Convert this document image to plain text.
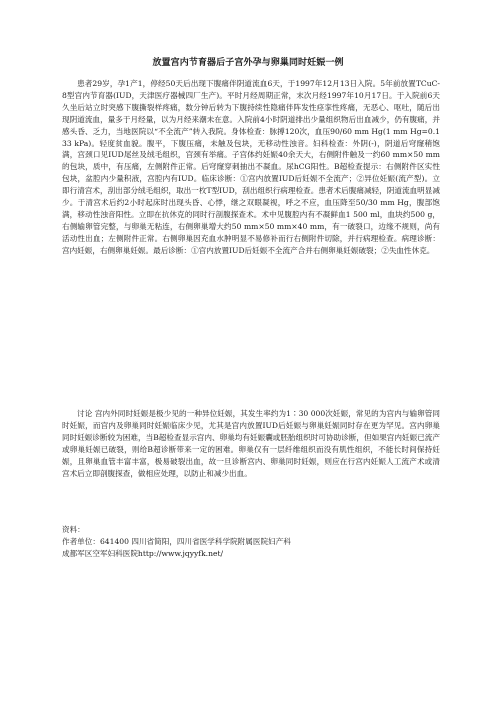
放置宫内节育器后子宫外孕与卵巢同时妊娠一例

患者29岁，孕1产1，停经50天后出现下腹痛伴阴道流血6天，于1997年12月13日入院。5年前放置TCuC-8型宫内节育器(IUD，天津医疗器械四厂生产)。平时月经周期正常，末次月经1997年10月17日。于入院前6天久坐后站立时突感下腹撕裂样疼痛，数分钟后转为下腹持续性隐痛伴阵发性痉挛性疼痛，无恶心、呕吐，随后出现阴道流血，量多于月经量，以为月经来潮未在意。入院前4小时阴道排出少量组织物后出血减少，仍有腹痛，并感头昏、乏力，当地医院以“不全流产”转入我院。身体检查：脉搏120次，血压90/60 mm Hg(1 mm Hg=0.133 kPa)。轻度贫血貌。腹平，下腹压痛，未触及包块，无移动性浊音。妇科检查：外阴(-)，阴道后穹窿稍饱满，宫颈口见IUD尾丝及绒毛组织，宫颈有举痛。子宫体约妊娠40余天大，右侧附件触及一约60 mm×50 mm的包块，质中，有压痛，左侧附件正常。后穹窿穿刺抽出不凝血。尿hCG阳性。B超检查提示：右侧附件区实性包块，盆腔内少量积液，宫腔内有IUD。临床诊断：①宫内放置IUD后妊娠不全流产；②异位妊娠(流产型)。立即行清宫术，刮出部分绒毛组织，取出一枚T型IUD，刮出组织行病理检查。患者术后腹痛减轻，阴道流血明显减少。于清宫术后约2小时起床时出现头昏、心悸，继之双眼凝视，呼之不应，血压降至50/30 mm Hg，腹部饱满，移动性浊音阳性。立即在抗休克的同时行剖腹探查术。术中见腹腔内有不凝鲜血1 500 ml，血块约500 g，右侧输卵管完整，与卵巢无粘连，右侧卵巢增大约50 mm×50 mm×40 mm，有一破裂口，边缘不规则，尚有活动性出血；左侧附件正常。右侧卵巢因充血水肿明显不易修补而行右侧附件切除，并行病理检查。病理诊断：宫内妊娠，右侧卵巢妊娠。最后诊断：①宫内放置IUD后妊娠不全流产合并右侧卵巢妊娠破裂；②失血性休克。

讨论 宫内外同时妊娠是极少见的一种异位妊娠，其发生率约为1∶30 000次妊娠，常见的为宫内与输卵管同时妊娠，而宫内及卵巢同时妊娠临床少见，尤其是宫内放置IUD后妊娠与卵巢妊娠同时存在更为罕见。宫内卵巢同时妊娠诊断较为困难，当B超检查显示宫内、卵巢均有妊娠囊或胚胎组织时可协助诊断，但如果宫内妊娠已流产或卵巢妊娠已破裂，则给B超诊断带来一定的困难。卵巢仅有一层纤维组织而没有肌性组织，不能长时间保持妊娠，且卵巢血管丰富丰富，极易破裂出血，故一旦诊断宫内、卵巢同时妊娠，则应在行宫内妊娠人工流产术或清宫术后立即剖腹探查，做相应处理，以防止和减少出血。

资料：
作者单位：641400 四川省简阳，四川省医学科学院附属医院妇产科
成都军区空军妇科医院http://www.jqyyfk.net/
